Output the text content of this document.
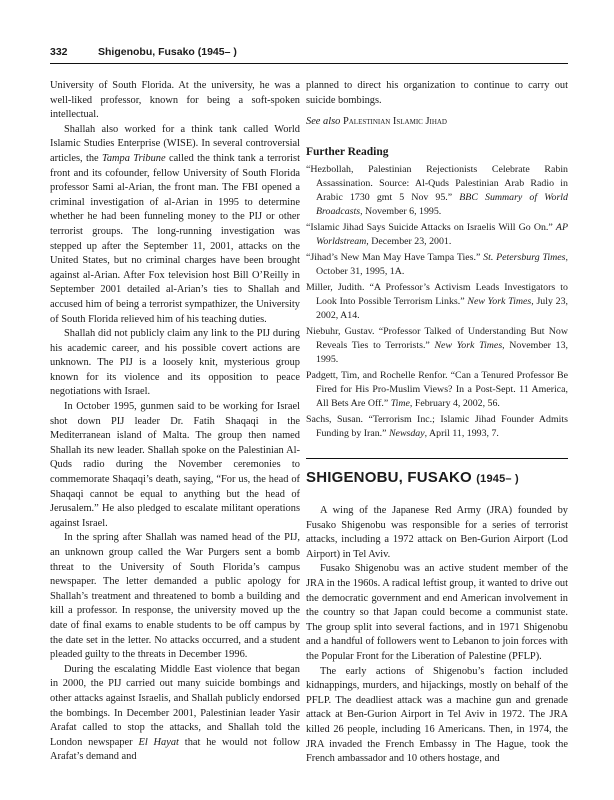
332	Shigenobu, Fusako (1945– )

University of South Florida. At the university, he was a well-liked professor, known for being a soft-spoken intellectual.

Shallah also worked for a think tank called World Islamic Studies Enterprise (WISE). In several controversial articles, the Tampa Tribune called the think tank a terrorist front and its cofounder, fellow University of South Florida professor Sami al-Arian, the front man. The FBI opened a criminal investigation of al-Arian in 1995 to determine whether he had been funneling money to the PIJ or other terrorist groups. The long-running investigation was stepped up after the September 11, 2001, attacks on the United States, but no criminal charges have been brought against al-Arian. After Fox television host Bill O’Reilly in September 2001 detailed al-Arian’s ties to Shallah and accused him of being a terrorist sympathizer, the University of South Florida relieved him of his teaching duties.

Shallah did not publicly claim any link to the PIJ during his academic career, and his possible covert actions are unknown. The PIJ is a loosely knit, mysterious group known for its violence and its opposition to peace negotiations with Israel.

In October 1995, gunmen said to be working for Israel shot down PIJ leader Dr. Fatih Shaqaqi in the Mediterranean island of Malta. The group then named Shallah its new leader. Shallah spoke on the Palestinian Al-Quds radio during the November ceremonies to commemorate Shaqaqi’s death, saying, “For us, the head of Shaqaqi cannot be equal to anything but the head of Jerusalem.” He also pledged to escalate militant operations against Israel.

In the spring after Shallah was named head of the PIJ, an unknown group called the War Purgers sent a bomb threat to the University of South Florida’s campus newspaper. The letter demanded a public apology for Shallah’s treatment and threatened to bomb a building and kill a professor. In response, the university moved up the date of final exams to enable students to be off campus by the date set in the letter. No attacks occurred, and a student pleaded guilty to the threats in December 1996.

During the escalating Middle East violence that began in 2000, the PIJ carried out many suicide bombings and other attacks against Israelis, and Shallah publicly endorsed the bombings. In December 2001, Palestinian leader Yasir Arafat called to stop the attacks, and Shallah told the London newspaper El Hayat that he would not follow Arafat’s demand and

planned to direct his organization to continue to carry out suicide bombings.

See also Palestinian Islamic Jihad

Further Reading

“Hezbollah, Palestinian Rejectionists Celebrate Rabin Assassination. Source: Al-Quds Palestinian Arab Radio in Arabic 1730 gmt 5 Nov 95.” BBC Summary of World Broadcasts, November 6, 1995.

“Islamic Jihad Says Suicide Attacks on Israelis Will Go On.” AP Worldstream, December 23, 2001.

“Jihad’s New Man May Have Tampa Ties.” St. Petersburg Times, October 31, 1995, 1A.

Miller, Judith. “A Professor’s Activism Leads Investigators to Look Into Possible Terrorism Links.” New York Times, July 23, 2002, A14.

Niebuhr, Gustav. “Professor Talked of Understanding But Now Reveals Ties to Terrorists.” New York Times, November 13, 1995.

Padgett, Tim, and Rochelle Renfor. “Can a Tenured Professor Be Fired for His Pro-Muslim Views? In a Post-Sept. 11 America, All Bets Are Off.” Time, February 4, 2002, 56.

Sachs, Susan. “Terrorism Inc.; Islamic Jihad Founder Admits Funding by Iran.” Newsday, April 11, 1993, 7.

SHIGENOBU, FUSAKO (1945– )

A wing of the Japanese Red Army (JRA) founded by Fusako Shigenobu was responsible for a series of terrorist attacks, including a 1972 attack on Ben-Gurion Airport (Lod Airport) in Tel Aviv.

Fusako Shigenobu was an active student member of the JRA in the 1960s. A radical leftist group, it wanted to drive out the democratic government and end American involvement in the country so that Japan could become a communist state. The group split into several factions, and in 1971 Shigenobu and a handful of followers went to Lebanon to join forces with the Popular Front for the Liberation of Palestine (PFLP).

The early actions of Shigenobu’s faction included kidnappings, murders, and hijackings, mostly on behalf of the PFLP. The deadliest attack was a machine gun and grenade attack at Ben-Gurion Airport in Tel Aviv in 1972. The JRA killed 26 people, including 16 Americans. Then, in 1974, the JRA invaded the French Embassy in The Hague, took the French ambassador and 10 others hostage, and
